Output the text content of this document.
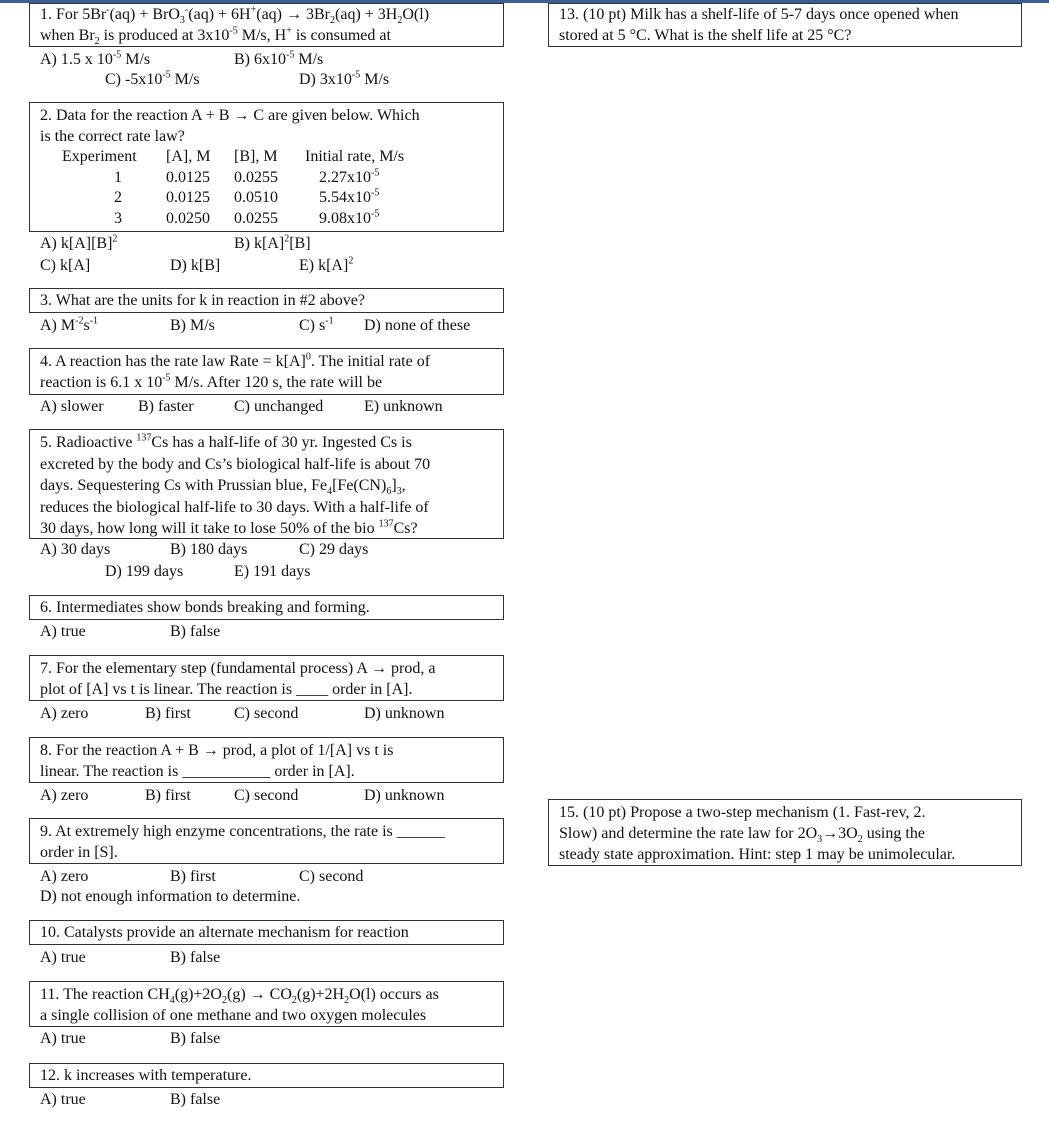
1. For $5Br^-(aq) + BrO_3^-(aq) + 6H^+(aq) \to 3Br_2(aq) + 3H_2O(l)$
when $Br_2$ is produced at $3x10^{-5}$ M/s, H+ is consumed at
A) 1.5 x $10^{-5}$ M/s	B) $6x10^{-5}$ M/s
C) $-5x10^{-5}$ M/s	D) $3x10^{-5}$ M/s
2. Data for the reaction A + B → C are given below. Which
is the correct rate law?
Experiment	[A], M	[B], M	Initial rate, M/s
1	0.0125	0.0255	$2.27x10^{-5}$
2	0.0125	0.0510	$5.54x10^{-5}$
3	0.0250	0.0255	$9.08x10^{-5}$
A) $k[A][B]^2$	B) $k[A]^2[B]$
C) k[A]	D) k[B]	E) $k[A]^2$
3. What are the units for k in reaction in #2 above?
A) $M^{-2}s^{-1}$	B) M/s	C) $s^{-1}$ D) none of these
4. A reaction has the rate law Rate = $k[A]^0$. The initial rate of
reaction is 6.1 x $10^{-5}$ M/s. After 120 s, the rate will be
A) slower B) faster	C) unchanged	E) unknown
5. Radioactive $^{137}$Cs has a half-life of 30 yr. Ingested Cs is
excreted by the body and Cs’s biological half-life is about 70
days. Sequestering Cs with Prussian blue, $Fe_4[Fe(CN)_6]_3$,
reduces the biological half-life to 30 days. With a half-life of
30 days, how long will it take to lose 50% of the bio $^{137}$Cs?
A) 30 days	B) 180 days	C) 29 days
D) 199 days	E) 191 days
6. Intermediates show bonds breaking and forming.
A) true	B) false
7. For the elementary step (fundamental process) A → prod, a
plot of [A] vs t is linear. The reaction is ____ order in [A].
A) zero	B) first	C) second	D) unknown
8. For the reaction A + B → prod, a plot of 1/[A] vs t is
linear. The reaction is ___________ order in [A].
A) zero	B) first	C) second	D) unknown
9. At extremely high enzyme concentrations, the rate is ______
order in [S].
A) zero	B) first	C) second
D) not enough information to determine.
10. Catalysts provide an alternate mechanism for reaction
A) true	B) false
11. The reaction $CH_4(g)+2O_2(g) \to CO_2(g)+2H_2O(l)$ occurs as
a single collision of one methane and two oxygen molecules
A) true	B) false
12. k increases with temperature.
A) true	B) false
13. (10 pt) Milk has a shelf-life of 5-7 days once opened when
stored at 5 °C. What is the shelf life at 25 °C?
15. (10 pt) Propose a two-step mechanism (1. Fast-rev, 2.
Slow) and determine the rate law for $2O_3\to 3O_2$ using the
steady state approximation. Hint: step 1 may be unimolecular.
